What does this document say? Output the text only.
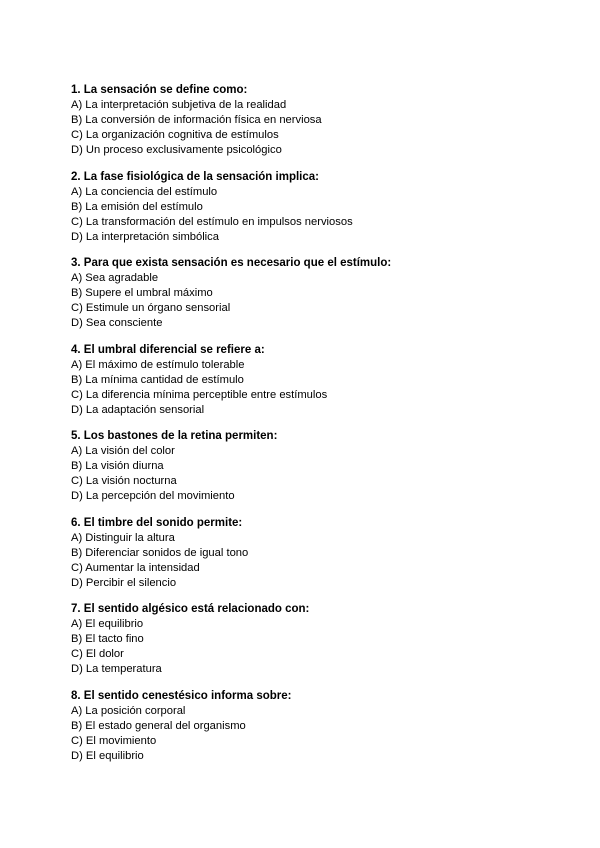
1. La sensación se define como:
A) La interpretación subjetiva de la realidad
B) La conversión de información física en nerviosa
C) La organización cognitiva de estímulos
D) Un proceso exclusivamente psicológico
2. La fase fisiológica de la sensación implica:
A) La conciencia del estímulo
B) La emisión del estímulo
C) La transformación del estímulo en impulsos nerviosos
D) La interpretación simbólica
3. Para que exista sensación es necesario que el estímulo:
A) Sea agradable
B) Supere el umbral máximo
C) Estimule un órgano sensorial
D) Sea consciente
4. El umbral diferencial se refiere a:
A) El máximo de estímulo tolerable
B) La mínima cantidad de estímulo
C) La diferencia mínima perceptible entre estímulos
D) La adaptación sensorial
5. Los bastones de la retina permiten:
A) La visión del color
B) La visión diurna
C) La visión nocturna
D) La percepción del movimiento
6. El timbre del sonido permite:
A) Distinguir la altura
B) Diferenciar sonidos de igual tono
C) Aumentar la intensidad
D) Percibir el silencio
7. El sentido algésico está relacionado con:
A) El equilibrio
B) El tacto fino
C) El dolor
D) La temperatura
8. El sentido cenestésico informa sobre:
A) La posición corporal
B) El estado general del organismo
C) El movimiento
D) El equilibrio
